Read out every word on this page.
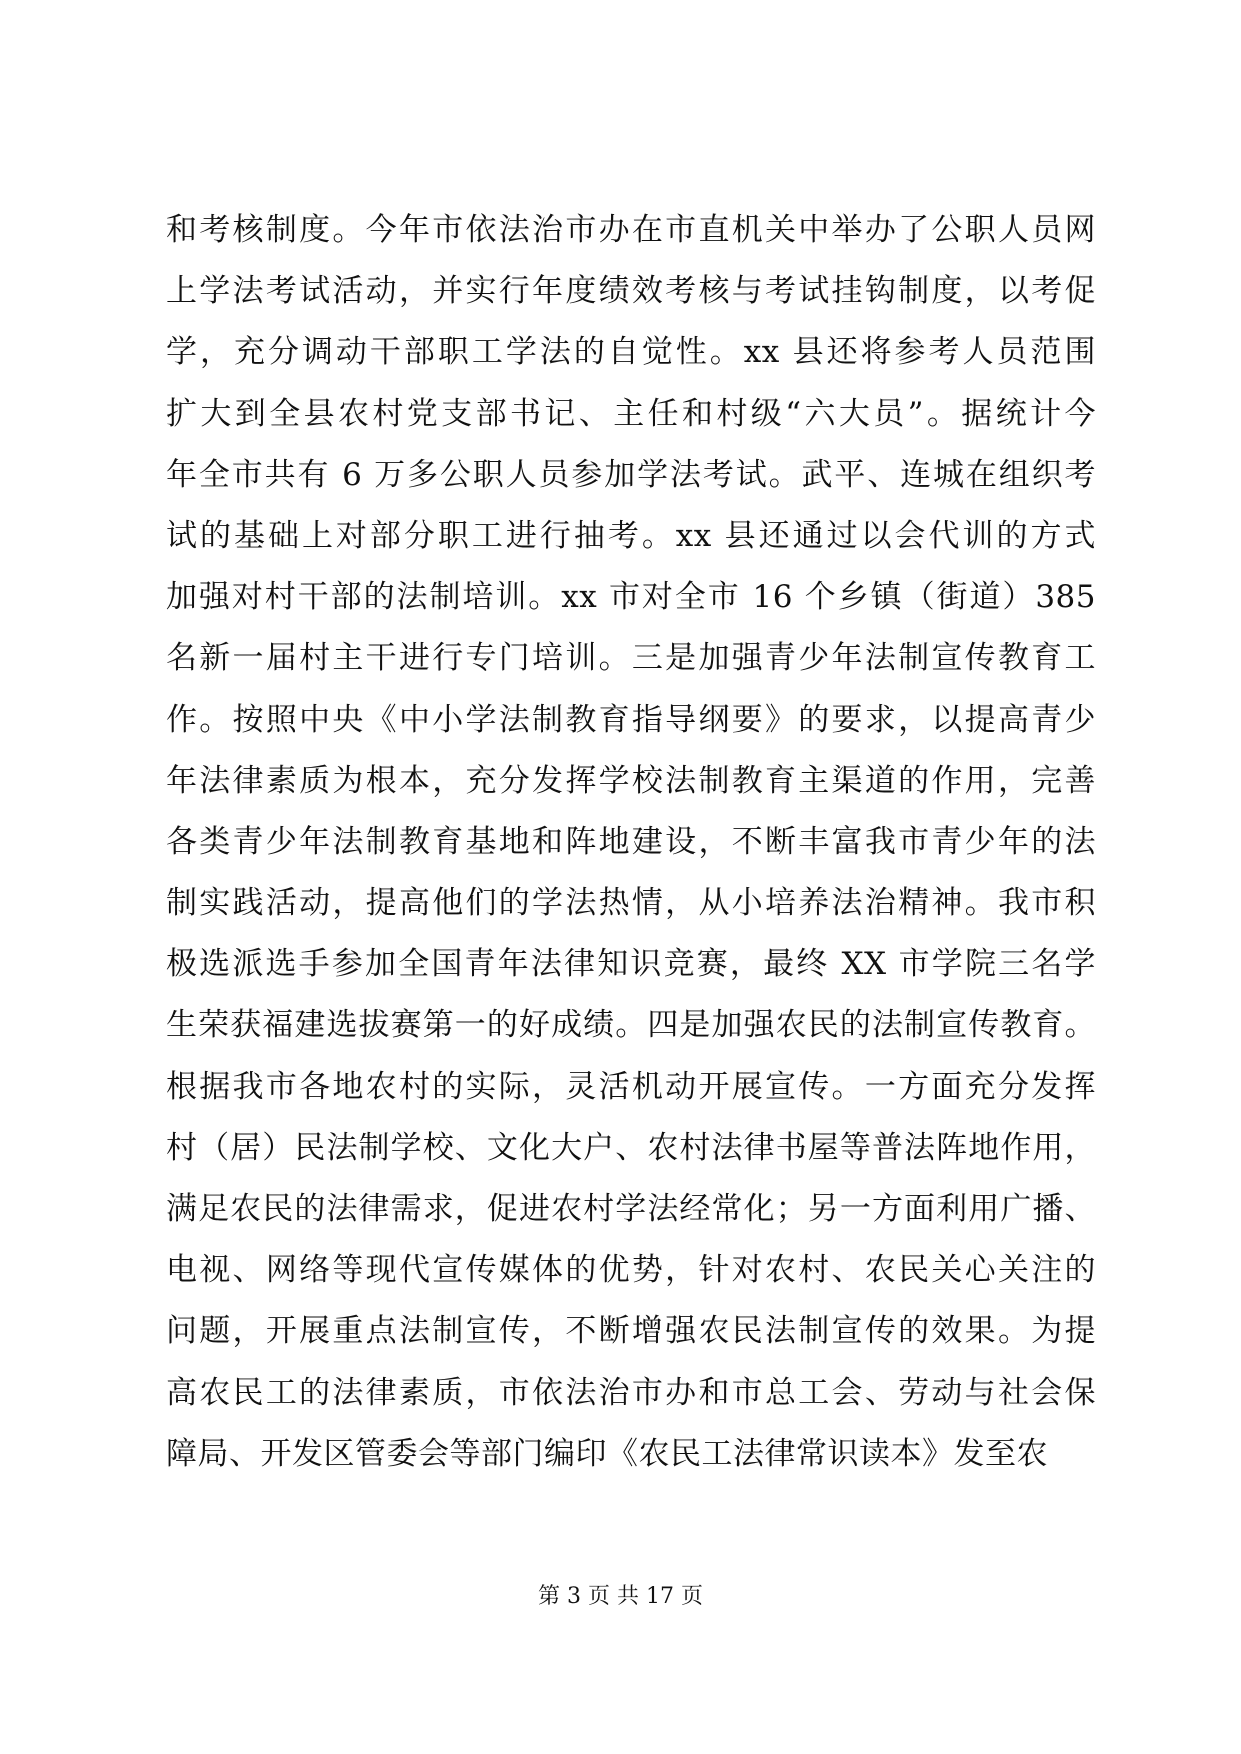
和考核制度。今年市依法治市办在市直机关中举办了公职人员网
上学法考试活动，并实行年度绩效考核与考试挂钩制度，以考促
学，充分调动干部职工学法的自觉性。xx 县还将参考人员范围
扩大到全县农村党支部书记、主任和村级“六大员”。据统计今
年全市共有 6 万多公职人员参加学法考试。武平、连城在组织考
试的基础上对部分职工进行抽考。xx 县还通过以会代训的方式
加强对村干部的法制培训。xx 市对全市 16 个乡镇（街道）385
名新一届村主干进行专门培训。三是加强青少年法制宣传教育工
作。按照中央《中小学法制教育指导纲要》的要求，以提高青少
年法律素质为根本，充分发挥学校法制教育主渠道的作用，完善
各类青少年法制教育基地和阵地建设，不断丰富我市青少年的法
制实践活动，提高他们的学法热情，从小培养法治精神。我市积
极选派选手参加全国青年法律知识竞赛，最终 XX 市学院三名学
生荣获福建选拔赛第一的好成绩。四是加强农民的法制宣传教育。
根据我市各地农村的实际，灵活机动开展宣传。一方面充分发挥
村（居）民法制学校、文化大户、农村法律书屋等普法阵地作用，
满足农民的法律需求，促进农村学法经常化；另一方面利用广播、
电视、网络等现代宣传媒体的优势，针对农村、农民关心关注的
问题，开展重点法制宣传，不断增强农民法制宣传的效果。为提
高农民工的法律素质，市依法治市办和市总工会、劳动与社会保
障局、开发区管委会等部门编印《农民工法律常识读本》发至农
第 3 页 共 17 页
